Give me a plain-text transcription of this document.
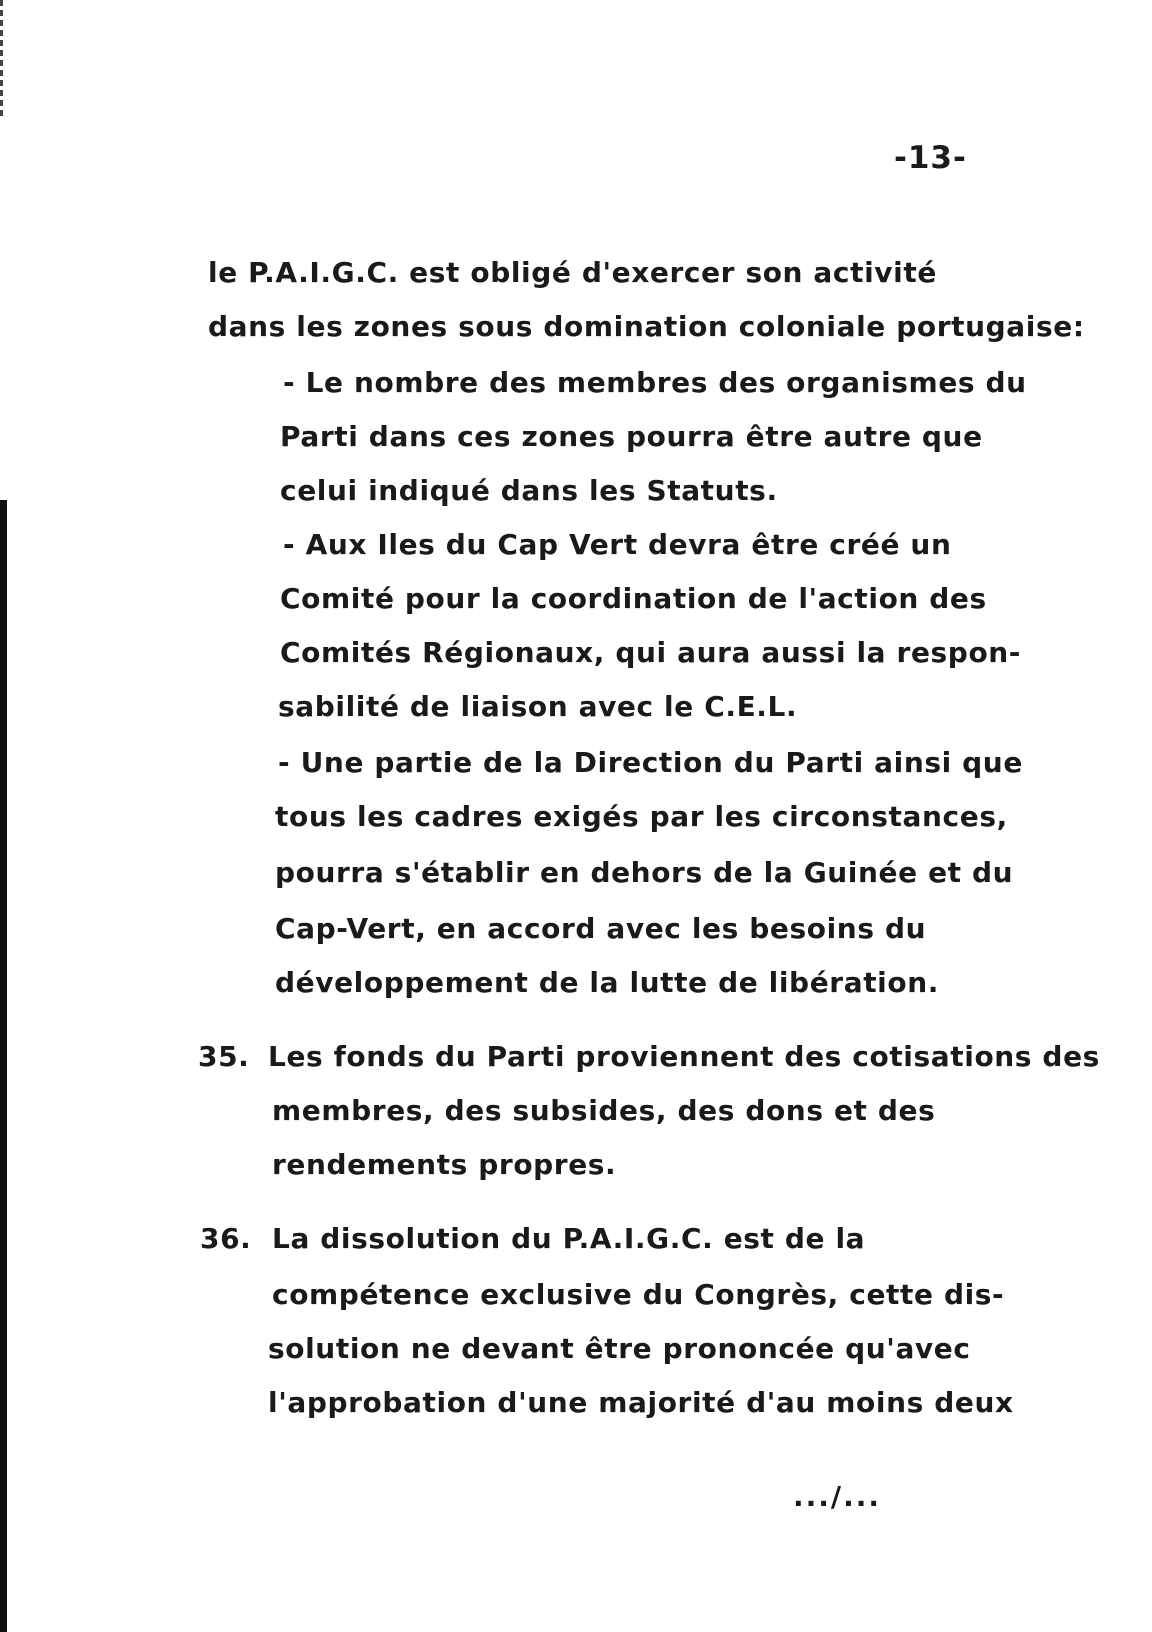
-13-
le P.A.I.G.C. est obligé d'exercer son activité
dans les zones sous domination coloniale portugaise:
- Le nombre des membres des organismes du
Parti dans ces zones pourra être autre que
celui indiqué dans les Statuts.
- Aux Iles du Cap Vert devra être créé un
Comité pour la coordination de l'action des
Comités Régionaux, qui aura aussi la respon-
sabilité de liaison avec le C.E.L.
- Une partie de la Direction du Parti ainsi que
tous les cadres exigés par les circonstances,
pourra s'établir en dehors de la Guinée et du
Cap-Vert, en accord avec les besoins du
développement de la lutte de libération.
35. Les fonds du Parti proviennent des cotisations des
membres, des subsides, des dons et des
rendements propres.
36. La dissolution du P.A.I.G.C. est de la
compétence exclusive du Congrès, cette dis-
solution ne devant être prononcée qu'avec
l'approbation d'une majorité d'au moins deux
.../...
